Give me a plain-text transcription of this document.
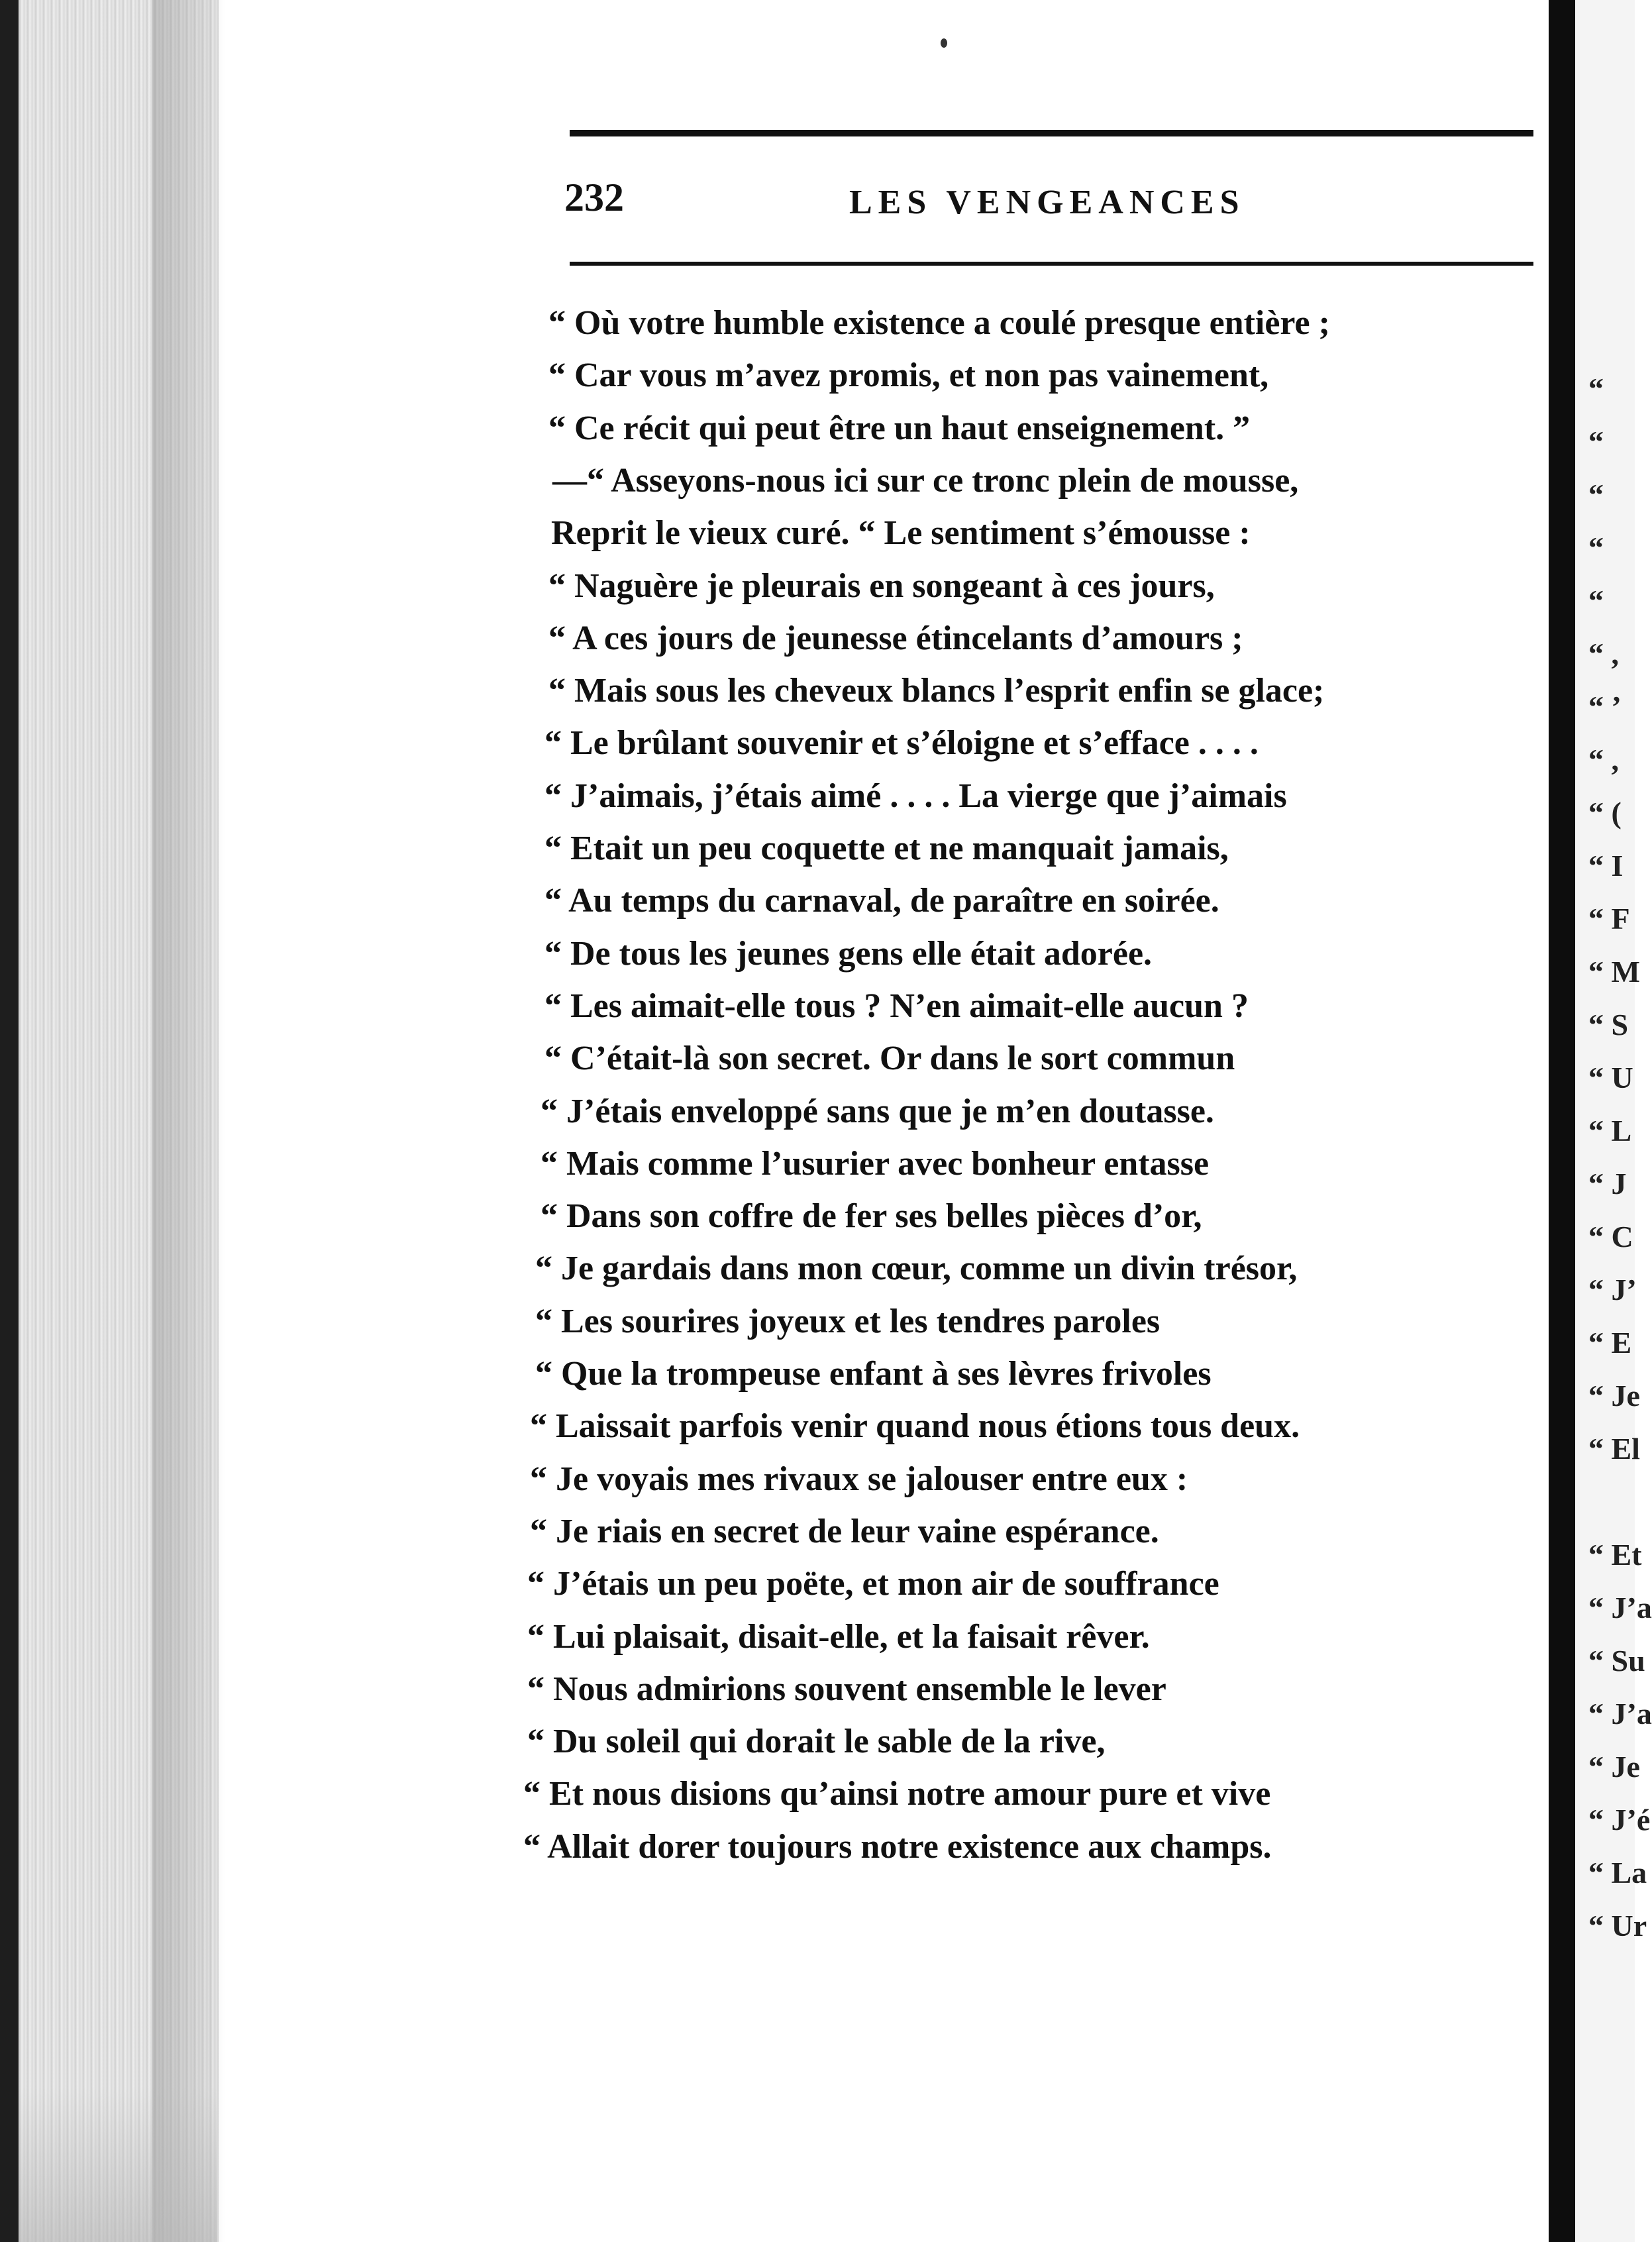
232	LES VENGEANCES
“ Où votre humble existence a coulé presque entière ;
“ Car vous m’avez promis, et non pas vainement,
“ Ce récit qui peut être un haut enseignement. ”
—“ Asseyons-nous ici sur ce tronc plein de mousse,
Reprit le vieux curé. “ Le sentiment s’émousse :
“ Naguère je pleurais en songeant à ces jours,
“ A ces jours de jeunesse étincelants d’amours ;
“ Mais sous les cheveux blancs l’esprit enfin se glace;
“ Le brûlant souvenir et s’éloigne et s’efface . . . .
“ J’aimais, j’étais aimé . . . . La vierge que j’aimais
“ Etait un peu coquette et ne manquait jamais,
“ Au temps du carnaval, de paraître en soirée.
“ De tous les jeunes gens elle était adorée.
“ Les aimait-elle tous ? N’en aimait-elle aucun ?
“ C’était-là son secret. Or dans le sort commun
“ J’étais enveloppé sans que je m’en doutasse.
“ Mais comme l’usurier avec bonheur entasse
“ Dans son coffre de fer ses belles pièces d’or,
“ Je gardais dans mon cœur, comme un divin trésor,
“ Les sourires joyeux et les tendres paroles
“ Que la trompeuse enfant à ses lèvres frivoles
“ Laissait parfois venir quand nous étions tous deux.
“ Je voyais mes rivaux se jalouser entre eux :
“ Je riais en secret de leur vaine espérance.
“ J’étais un peu poëte, et mon air de souffrance
“ Lui plaisait, disait-elle, et la faisait rêver.
“ Nous admirions souvent ensemble le lever
“ Du soleil qui dorait le sable de la rive,
“ Et nous disions qu’ainsi notre amour pure et vive
“ Allait dorer toujours notre existence aux champs.
“
“
“
“
“
“ ,
“ ’
“ ,
“ (
“ I
“ F
“ M
“ S
“ U
“ L
“ J
“ C
“ J’
“ E
“ Je
“ El
“ Et
“ J’a
“ Su
“ J’a
“ Je
“ J’é
“ La
“ Ur
